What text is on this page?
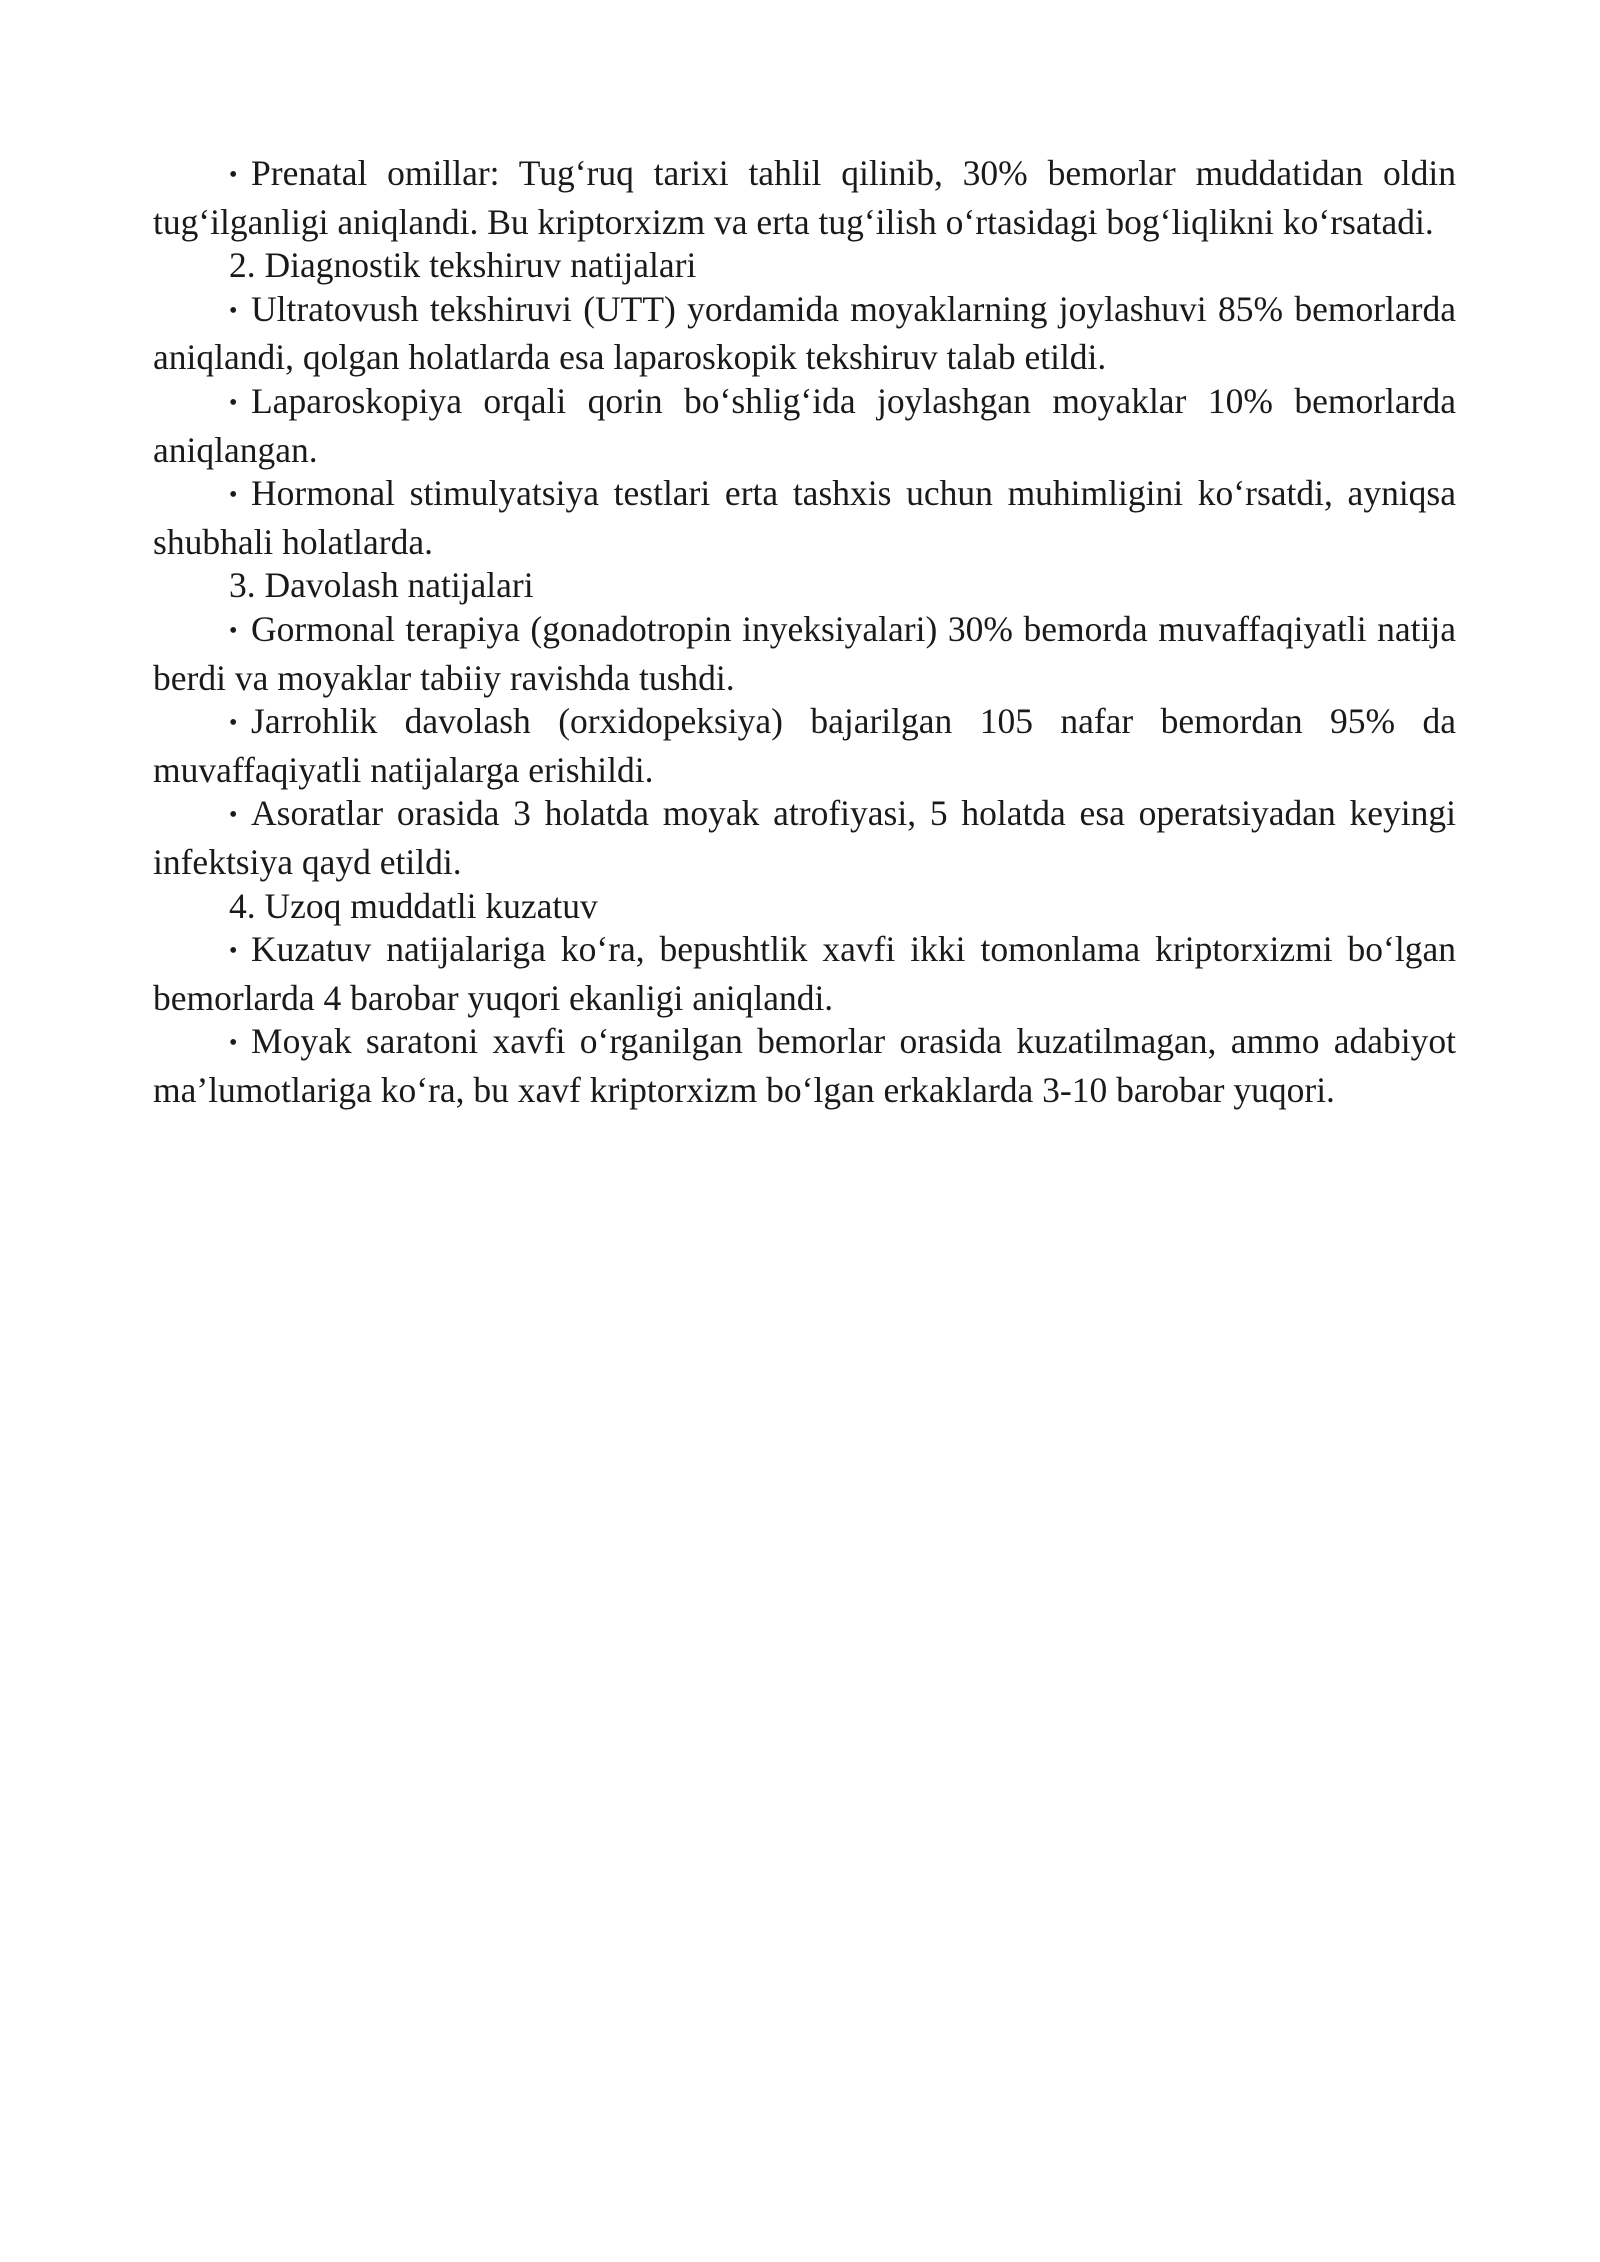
• Prenatal omillar: Tug‘ruq tarixi tahlil qilinib, 30% bemorlar muddatidan oldin tug‘ilganligi aniqlandi. Bu kriptorxizm va erta tug‘ilish o‘rtasidagi bog‘liqlikni ko‘rsatadi.

2. Diagnostik tekshiruv natijalari

• Ultratovush tekshiruvi (UTT) yordamida moyaklarning joylashuvi 85% bemorlarda aniqlandi, qolgan holatlarda esa laparoskopik tekshiruv talab etildi.

• Laparoskopiya orqali qorin bo‘shlig‘ida joylashgan moyaklar 10% bemorlarda aniqlangan.

• Hormonal stimulyatsiya testlari erta tashxis uchun muhimligini ko‘rsatdi, ayniqsa shubhali holatlarda.

3. Davolash natijalari

• Gormonal terapiya (gonadotropin inyeksiyalari) 30% bemorda muvaffaqiyatli natija berdi va moyaklar tabiiy ravishda tushdi.

• Jarrohlik davolash (orxidopeksiya) bajarilgan 105 nafar bemordan 95% da muvaffaqiyatli natijalarga erishildi.

• Asoratlar orasida 3 holatda moyak atrofiyasi, 5 holatda esa operatsiyadan keyingi infektsiya qayd etildi.

4. Uzoq muddatli kuzatuv

• Kuzatuv natijalariga ko‘ra, bepushtlik xavfi ikki tomonlama kriptorxizmi bo‘lgan bemorlarda 4 barobar yuqori ekanligi aniqlandi.

• Moyak saratoni xavfi o‘rganilgan bemorlar orasida kuzatilmagan, ammo adabiyot ma’lumotlariga ko‘ra, bu xavf kriptorxizm bo‘lgan erkaklarda 3-10 barobar yuqori.
